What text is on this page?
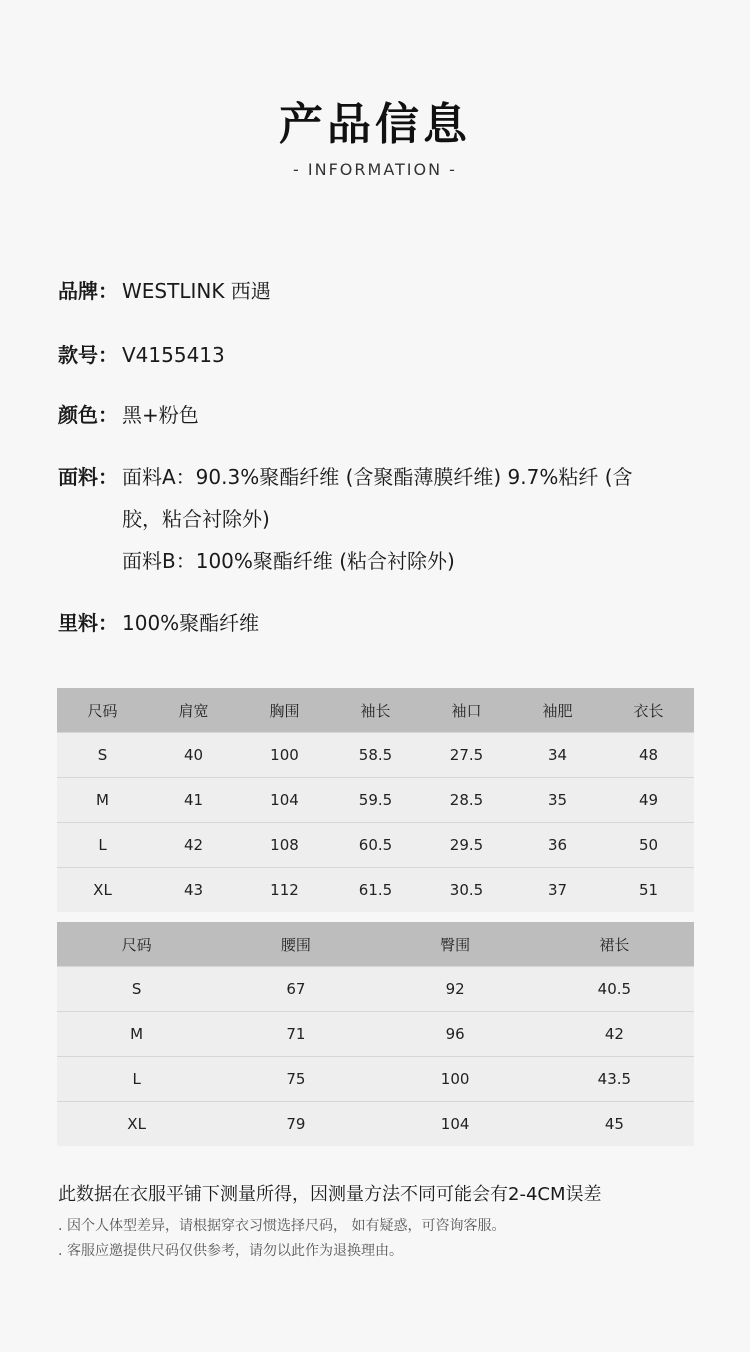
产品信息
- INFORMATION -
品牌： WESTLINK 西遇
款号： V4155413
颜色： 黑+粉色
面料： 面料A：90.3%聚酯纤维 (含聚酯薄膜纤维) 9.7%粘纤 (含
胶，粘合衬除外)
面料B：100%聚酯纤维 (粘合衬除外)
里料： 100%聚酯纤维
尺码	肩宽	胸围	袖长	袖口	袖肥	衣长
S	40	100	58.5	27.5	34	48
M	41	104	59.5	28.5	35	49
L	42	108	60.5	29.5	36	50
XL	43	112	61.5	30.5	37	51
尺码	腰围	臀围	裙长
S	67	92	40.5
M	71	96	42
L	75	100	43.5
XL	79	104	45
此数据在衣服平铺下测量所得，因测量方法不同可能会有2-4CM误差
. 因个人体型差异，请根据穿衣习惯选择尺码， 如有疑惑，可咨询客服。
. 客服应邀提供尺码仅供参考，请勿以此作为退换理由。
